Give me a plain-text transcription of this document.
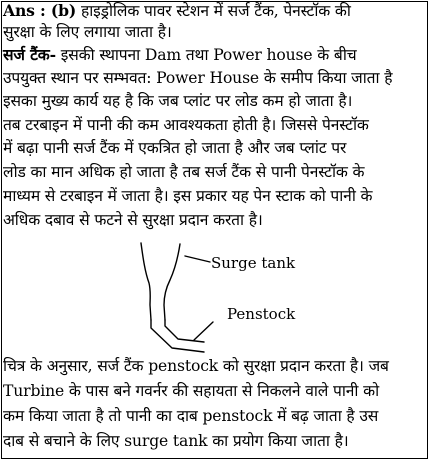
Ans : (b) हाइड्रोलिक पावर स्टेशन में सर्ज टैंक, पेनस्टॉक की
सुरक्षा के लिए लगाया जाता है।
सर्ज टैंक- इसकी स्थापना Dam तथा Power house के बीच
उपयुक्त स्थान पर सम्भवत: Power House के समीप किया जाता है
इसका मुख्य कार्य यह है कि जब प्लांट पर लोड कम हो जाता है।
तब टरबाइन में पानी की कम आवश्यकता होती है। जिससे पेनस्टॉक
में बढ़ा पानी सर्ज टैंक में एकत्रित हो जाता है और जब प्लांट पर
लोड का मान अधिक हो जाता है तब सर्ज टैंक से पानी पेनस्टॉक के
माध्यम से टरबाइन में जाता है। इस प्रकार यह पेन स्टाक को पानी के
अधिक दबाव से फटने से सुरक्षा प्रदान करता है।
Surge tank
Penstock
चित्र के अनुसार, सर्ज टैंक penstock को सुरक्षा प्रदान करता है। जब
Turbine के पास बने गवर्नर की सहायता से निकलने वाले पानी को
कम किया जाता है तो पानी का दाब penstock में बढ़ जाता है उस
दाब से बचाने के लिए surge tank का प्रयोग किया जाता है।
